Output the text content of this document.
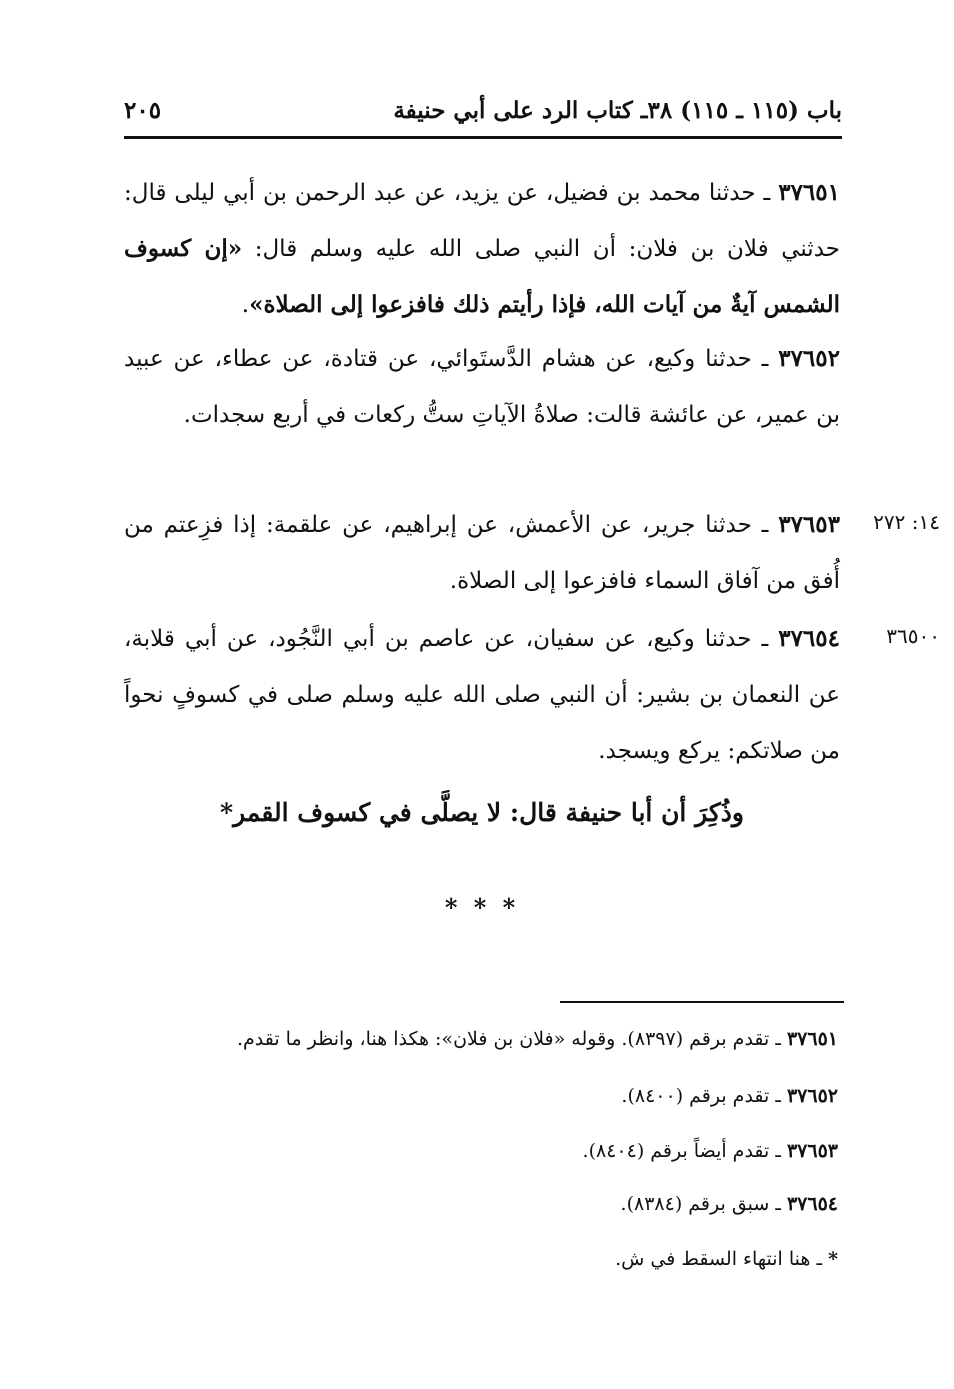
باب (١١٥ ـ ١١٥) ٣٨ـ كتاب الرد على أبي حنيفة
٢٠٥

٣٧٦٥١ ـ حدثنا محمد بن فضيل، عن يزيد، عن عبد الرحمن بن أبي ليلى قال: حدثني فلان بن فلان: أن النبي صلى الله عليه وسلم قال: «إن كسوف الشمس آيةٌ من آيات الله، فإذا رأيتم ذلك فافزعوا إلى الصلاة».

٣٧٦٥٢ ـ حدثنا وكيع، عن هشام الدَّستَوائي، عن قتادة، عن عطاء، عن عبيد بن عمير، عن عائشة قالت: صلاةُ الآياتِ ستُّ ركعات في أربع سجدات.

١٤: ٢٧٢

٣٧٦٥٣ ـ حدثنا جرير، عن الأعمش، عن إبراهيم، عن علقمة: إذا فزِعتم من أُفق من آفاق السماء فافزعوا إلى الصلاة.

٣٦٥٠٠

٣٧٦٥٤ ـ حدثنا وكيع، عن سفيان، عن عاصم بن أبي النَّجُود، عن أبي قلابة، عن النعمان بن بشير: أن النبي صلى الله عليه وسلم صلى في كسوفٍ نحواً من صلاتكم: يركع ويسجد.

وذُكِرَ أن أبا حنيفة قال: لا يصلَّى في كسوف القمر*
* * *
٣٧٦٥١ ـ تقدم برقم (٨٣٩٧). وقوله «فلان بن فلان»: هكذا هنا، وانظر ما تقدم.
٣٧٦٥٢ ـ تقدم برقم (٨٤٠٠).
٣٧٦٥٣ ـ تقدم أيضاً برقم (٨٤٠٤).
٣٧٦٥٤ ـ سبق برقم (٨٣٨٤).
* ـ هنا انتهاء السقط في ش.
